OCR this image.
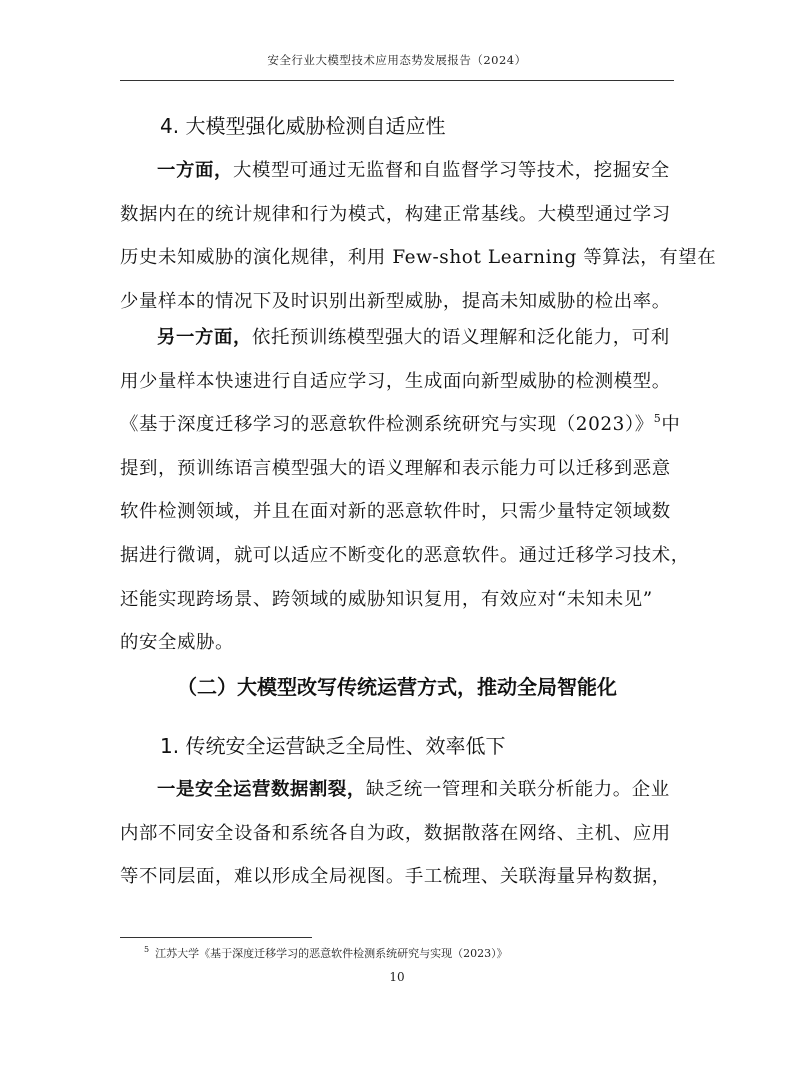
安全行业大模型技术应用态势发展报告（2024）
4. 大模型强化威胁检测自适应性
一方面，大模型可通过无监督和自监督学习等技术，挖掘安全
数据内在的统计规律和行为模式，构建正常基线。大模型通过学习
历史未知威胁的演化规律，利用 Few-shot Learning 等算法，有望在
少量样本的情况下及时识别出新型威胁，提高未知威胁的检出率。
另一方面，依托预训练模型强大的语义理解和泛化能力，可利
用少量样本快速进行自适应学习，生成面向新型威胁的检测模型。
《基于深度迁移学习的恶意软件检测系统研究与实现（2023）》$^5$中
提到，预训练语言模型强大的语义理解和表示能力可以迁移到恶意
软件检测领域，并且在面对新的恶意软件时，只需少量特定领域数
据进行微调，就可以适应不断变化的恶意软件。通过迁移学习技术，
还能实现跨场景、跨领域的威胁知识复用，有效应对“未知未见”
的安全威胁。
（二）大模型改写传统运营方式，推动全局智能化
1. 传统安全运营缺乏全局性、效率低下
一是安全运营数据割裂，缺乏统一管理和关联分析能力。企业
内部不同安全设备和系统各自为政，数据散落在网络、主机、应用
等不同层面，难以形成全局视图。手工梳理、关联海量异构数据，
$^5$ 江苏大学《基于深度迁移学习的恶意软件检测系统研究与实现（2023）》
10
